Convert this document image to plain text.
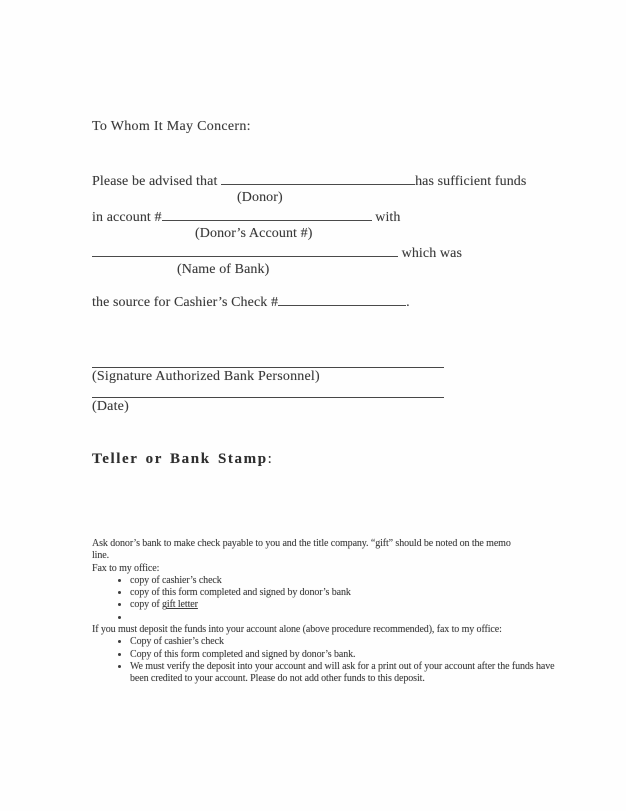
To Whom It May Concern:
Please be advised that	has sufficient funds
(Donor)
in account #	with
(Donor’s Account #)
which was
(Name of Bank)
the source for Cashier’s Check #	.
(Signature Authorized Bank Personnel)
(Date)
Teller or Bank Stamp:

Ask donor’s bank to make check payable to you and the title company. “gift” should be noted on the memo line.

Fax to my office:

• copy of cashier’s check
• copy of this form completed and signed by donor’s bank
• copy of gift letter
•

If you must deposit the funds into your account alone (above procedure recommended), fax to my office:

• Copy of cashier’s check
• Copy of this form completed and signed by donor’s bank.
• We must verify the deposit into your account and will ask for a print out of your account after the funds have been credited to your account. Please do not add other funds to this deposit.
